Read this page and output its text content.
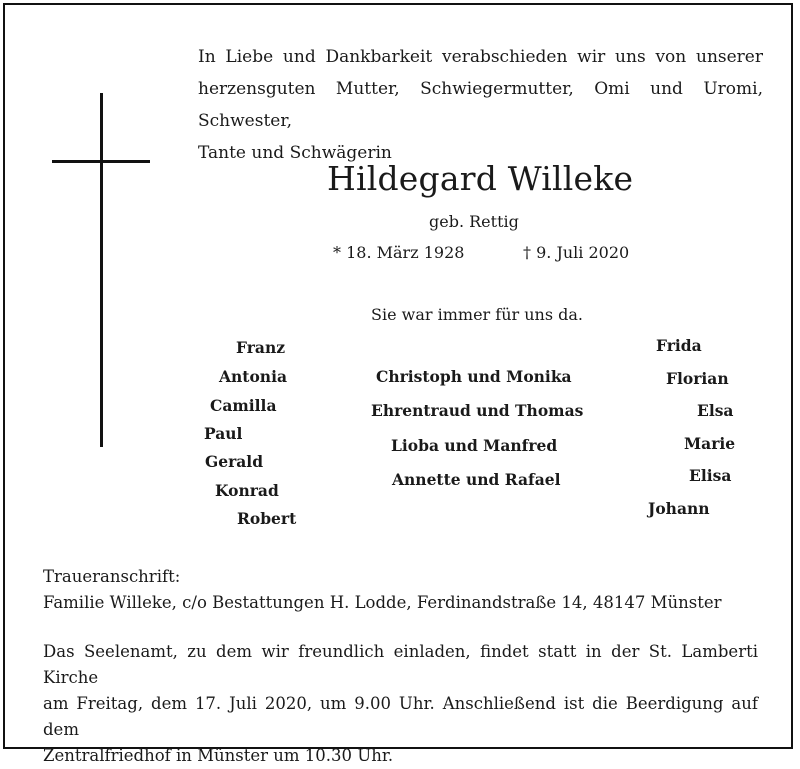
In Liebe und Dankbarkeit verabschieden wir uns von unserer
herzensguten Mutter, Schwiegermutter, Omi und Uromi, Schwester,
Tante und Schwägerin
Hildegard Willeke
geb. Rettig
* 18. März 1928	† 9. Juli 2020
Sie war immer für uns da.
Franz
Antonia
Camilla
Paul
Gerald
Konrad
Robert
Christoph und Monika
Ehrentraud und Thomas
Lioba und Manfred
Annette und Rafael
Frida
Florian
Elsa
Marie
Elisa
Johann
Traueranschrift:
Familie Willeke, c/o Bestattungen H. Lodde, Ferdinandstraße 14, 48147 Münster
Das Seelenamt, zu dem wir freundlich einladen, findet statt in der St. Lamberti Kirche
am Freitag, dem 17. Juli 2020, um 9.00 Uhr. Anschließend ist die Beerdigung auf dem
Zentralfriedhof in Münster um 10.30 Uhr.
